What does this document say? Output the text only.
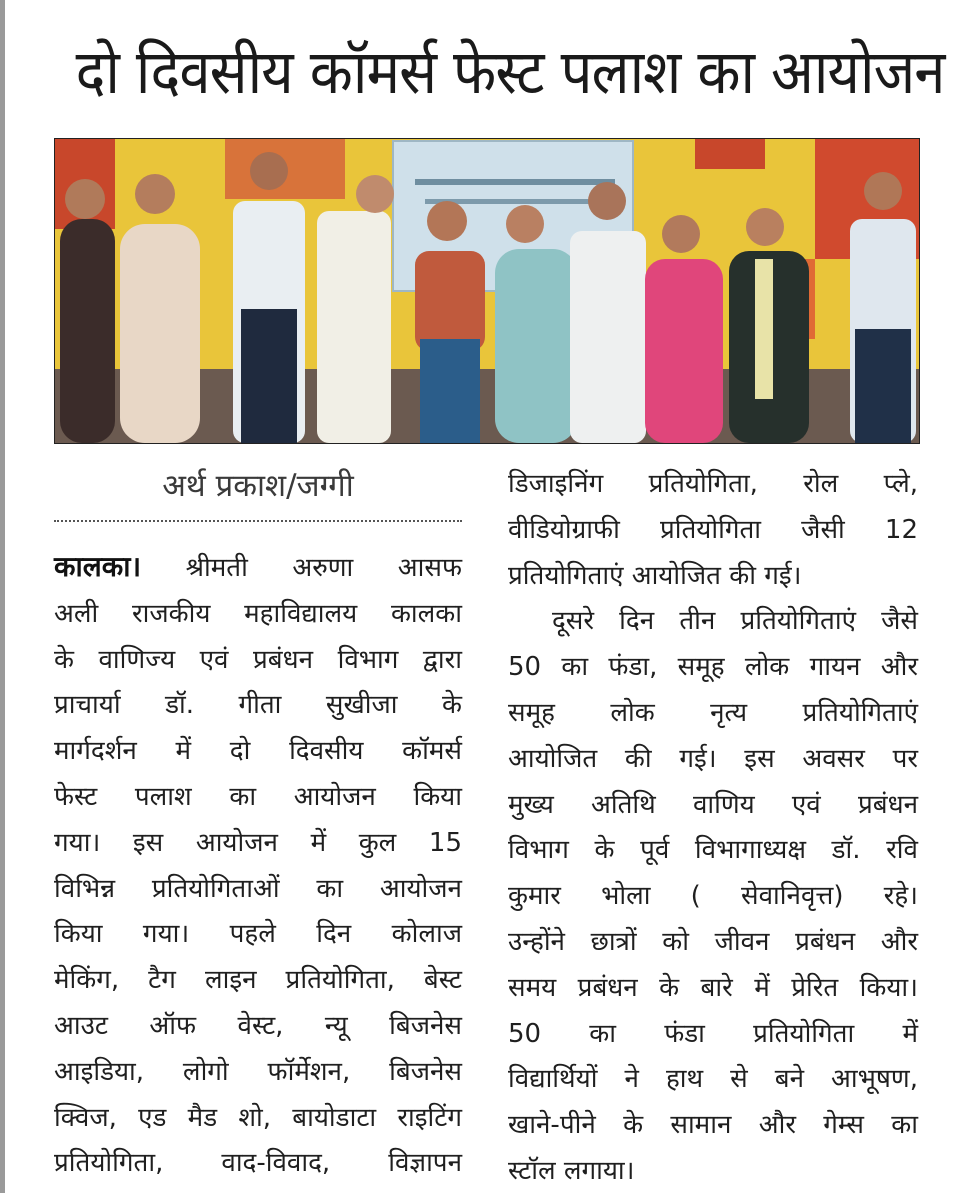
दो दिवसीय कॉमर्स फेस्ट पलाश का आयोजन
अर्थ प्रकाश/जग्गी
कालका। श्रीमती अरुणा आसफ
अली राजकीय महाविद्यालय कालका
के वाणिज्य एवं प्रबंधन विभाग द्वारा
प्राचार्या डॉ. गीता सुखीजा के
मार्गदर्शन में दो दिवसीय कॉमर्स
फेस्ट पलाश का आयोजन किया
गया। इस आयोजन में कुल 15
विभिन्न प्रतियोगिताओं का आयोजन
किया गया। पहले दिन कोलाज
मेकिंग, टैग लाइन प्रतियोगिता, बेस्ट
आउट ऑफ वेस्ट, न्यू बिजनेस
आइडिया, लोगो फॉर्मेशन, बिजनेस
क्विज, एड मैड शो, बायोडाटा राइटिंग
प्रतियोगिता, वाद-विवाद, विज्ञापन
डिजाइनिंग प्रतियोगिता, रोल प्ले,
वीडियोग्राफी प्रतियोगिता जैसी 12
प्रतियोगिताएं आयोजित की गई।
दूसरे दिन तीन प्रतियोगिताएं जैसे
50 का फंडा, समूह लोक गायन और
समूह लोक नृत्य प्रतियोगिताएं
आयोजित की गई। इस अवसर पर
मुख्य अतिथि वाणिय एवं प्रबंधन
विभाग के पूर्व विभागाध्यक्ष डॉ. रवि
कुमार भोला ( सेवानिवृत्त) रहे।
उन्होंने छात्रों को जीवन प्रबंधन और
समय प्रबंधन के बारे में प्रेरित किया।
50 का फंडा प्रतियोगिता में
विद्यार्थियों ने हाथ से बने आभूषण,
खाने-पीने के सामान और गेम्स का
स्टॉल लगाया।
